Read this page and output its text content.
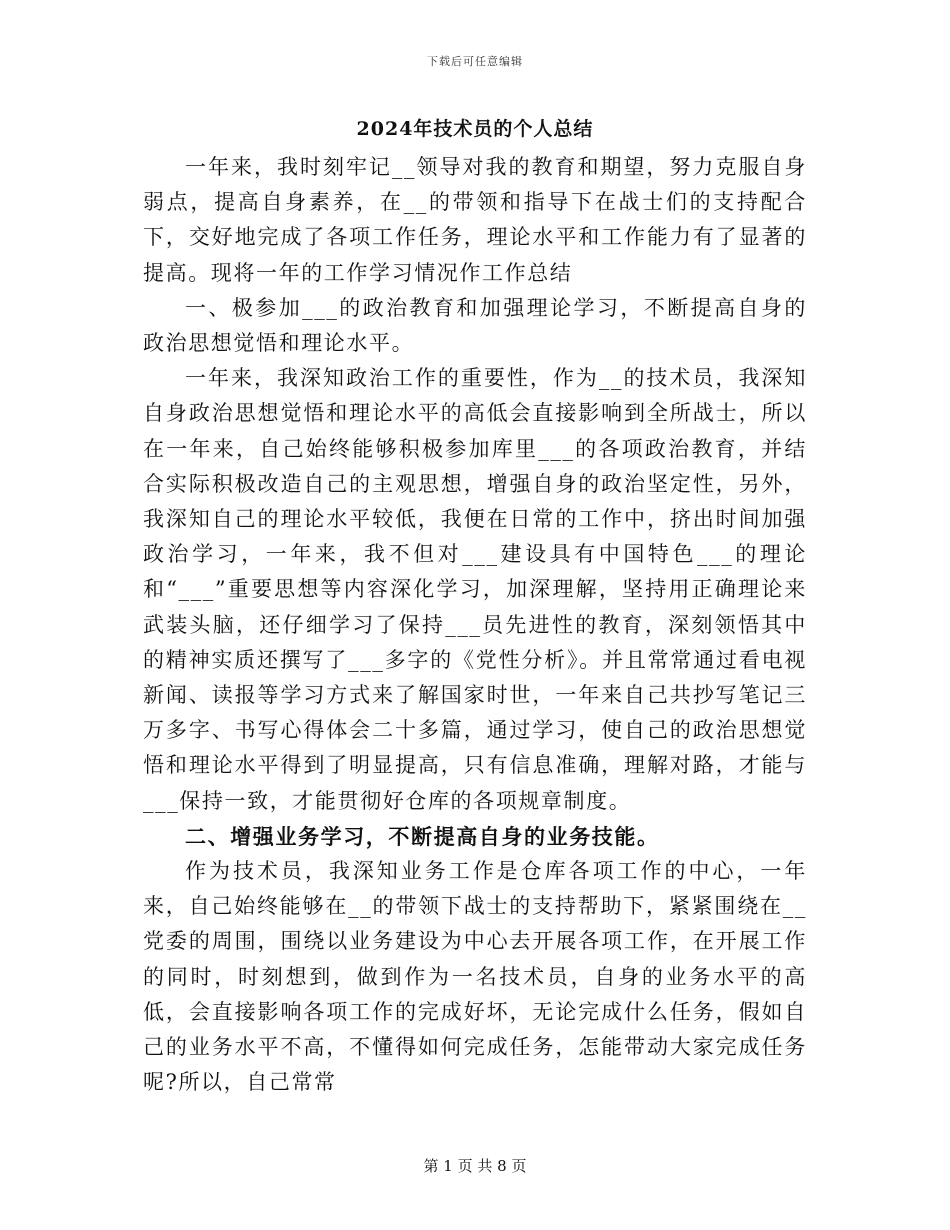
下载后可任意编辑
2024年技术员的个人总结

一年来，我时刻牢记__领导对我的教育和期望，努力克服自身弱点，提高自身素养，在__的带领和指导下在战士们的支持配合下，交好地完成了各项工作任务，理论水平和工作能力有了显著的提高。现将一年的工作学习情况作工作总结

一、极参加___的政治教育和加强理论学习，不断提高自身的政治思想觉悟和理论水平。

一年来，我深知政治工作的重要性，作为__的技术员，我深知自身政治思想觉悟和理论水平的高低会直接影响到全所战士，所以在一年来，自己始终能够积极参加库里___的各项政治教育，并结合实际积极改造自己的主观思想，增强自身的政治坚定性，另外，我深知自己的理论水平较低，我便在日常的工作中，挤出时间加强政治学习，一年来，我不但对___建设具有中国特色___的理论和“___”重要思想等内容深化学习，加深理解，坚持用正确理论来武装头脑，还仔细学习了保持___员先进性的教育，深刻领悟其中的精神实质还撰写了___多字的《党性分析》。并且常常通过看电视新闻、读报等学习方式来了解国家时世，一年来自己共抄写笔记三万多字、书写心得体会二十多篇，通过学习，使自己的政治思想觉悟和理论水平得到了明显提高，只有信息准确，理解对路，才能与___保持一致，才能贯彻好仓库的各项规章制度。

二、增强业务学习，不断提高自身的业务技能。

作为技术员，我深知业务工作是仓库各项工作的中心，一年来，自己始终能够在__的带领下战士的支持帮助下，紧紧围绕在__党委的周围，围绕以业务建设为中心去开展各项工作，在开展工作的同时，时刻想到，做到作为一名技术员，自身的业务水平的高低，会直接影响各项工作的完成好坏，无论完成什么任务，假如自己的业务水平不高，不懂得如何完成任务，怎能带动大家完成任务呢?所以，自己常常

第 1 页 共 8 页
